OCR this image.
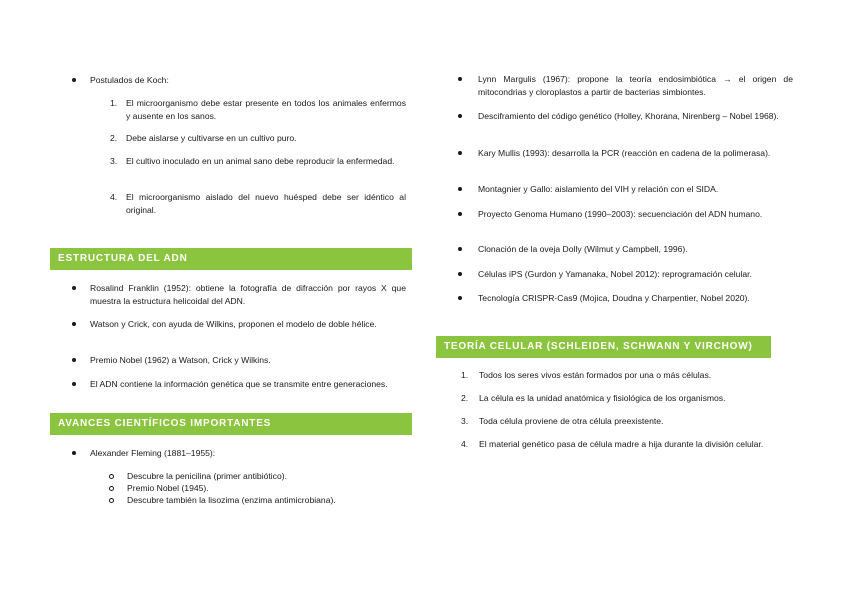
Postulados de Koch:
1. El microorganismo debe estar presente en todos los animales enfermos y ausente en los sanos.
2. Debe aislarse y cultivarse en un cultivo puro.
3. El cultivo inoculado en un animal sano debe reproducir la enfermedad.
4. El microorganismo aislado del nuevo huésped debe ser idéntico al original.
ESTRUCTURA DEL ADN
Rosalind Franklin (1952): obtiene la fotografía de difracción por rayos X que muestra la estructura helicoidal del ADN.
Watson y Crick, con ayuda de Wilkins, proponen el modelo de doble hélice.
Premio Nobel (1962) a Watson, Crick y Wilkins.
El ADN contiene la información genética que se transmite entre generaciones.
AVANCES CIENTÍFICOS IMPORTANTES
Alexander Fleming (1881–1955):
Descubre la penicilina (primer antibiótico).
Premio Nobel (1945).
Descubre también la lisozima (enzima antimicrobiana).
Lynn Margulis (1967): propone la teoría endosimbiótica → el origen de mitocondrias y cloroplastos a partir de bacterias simbiontes.
Desciframiento del código genético (Holley, Khorana, Nirenberg – Nobel 1968).
Kary Mullis (1993): desarrolla la PCR (reacción en cadena de la polimerasa).
Montagnier y Gallo: aislamiento del VIH y relación con el SIDA.
Proyecto Genoma Humano (1990–2003): secuenciación del ADN humano.
Clonación de la oveja Dolly (Wilmut y Campbell, 1996).
Células iPS (Gurdon y Yamanaka, Nobel 2012): reprogramación celular.
Tecnología CRISPR-Cas9 (Mojica, Doudna y Charpentier, Nobel 2020).
TEORÍA CELULAR (SCHLEIDEN, SCHWANN Y VIRCHOW)
1. Todos los seres vivos están formados por una o más células.
2. La célula es la unidad anatómica y fisiológica de los organismos.
3. Toda célula proviene de otra célula preexistente.
4. El material genético pasa de célula madre a hija durante la división celular.
